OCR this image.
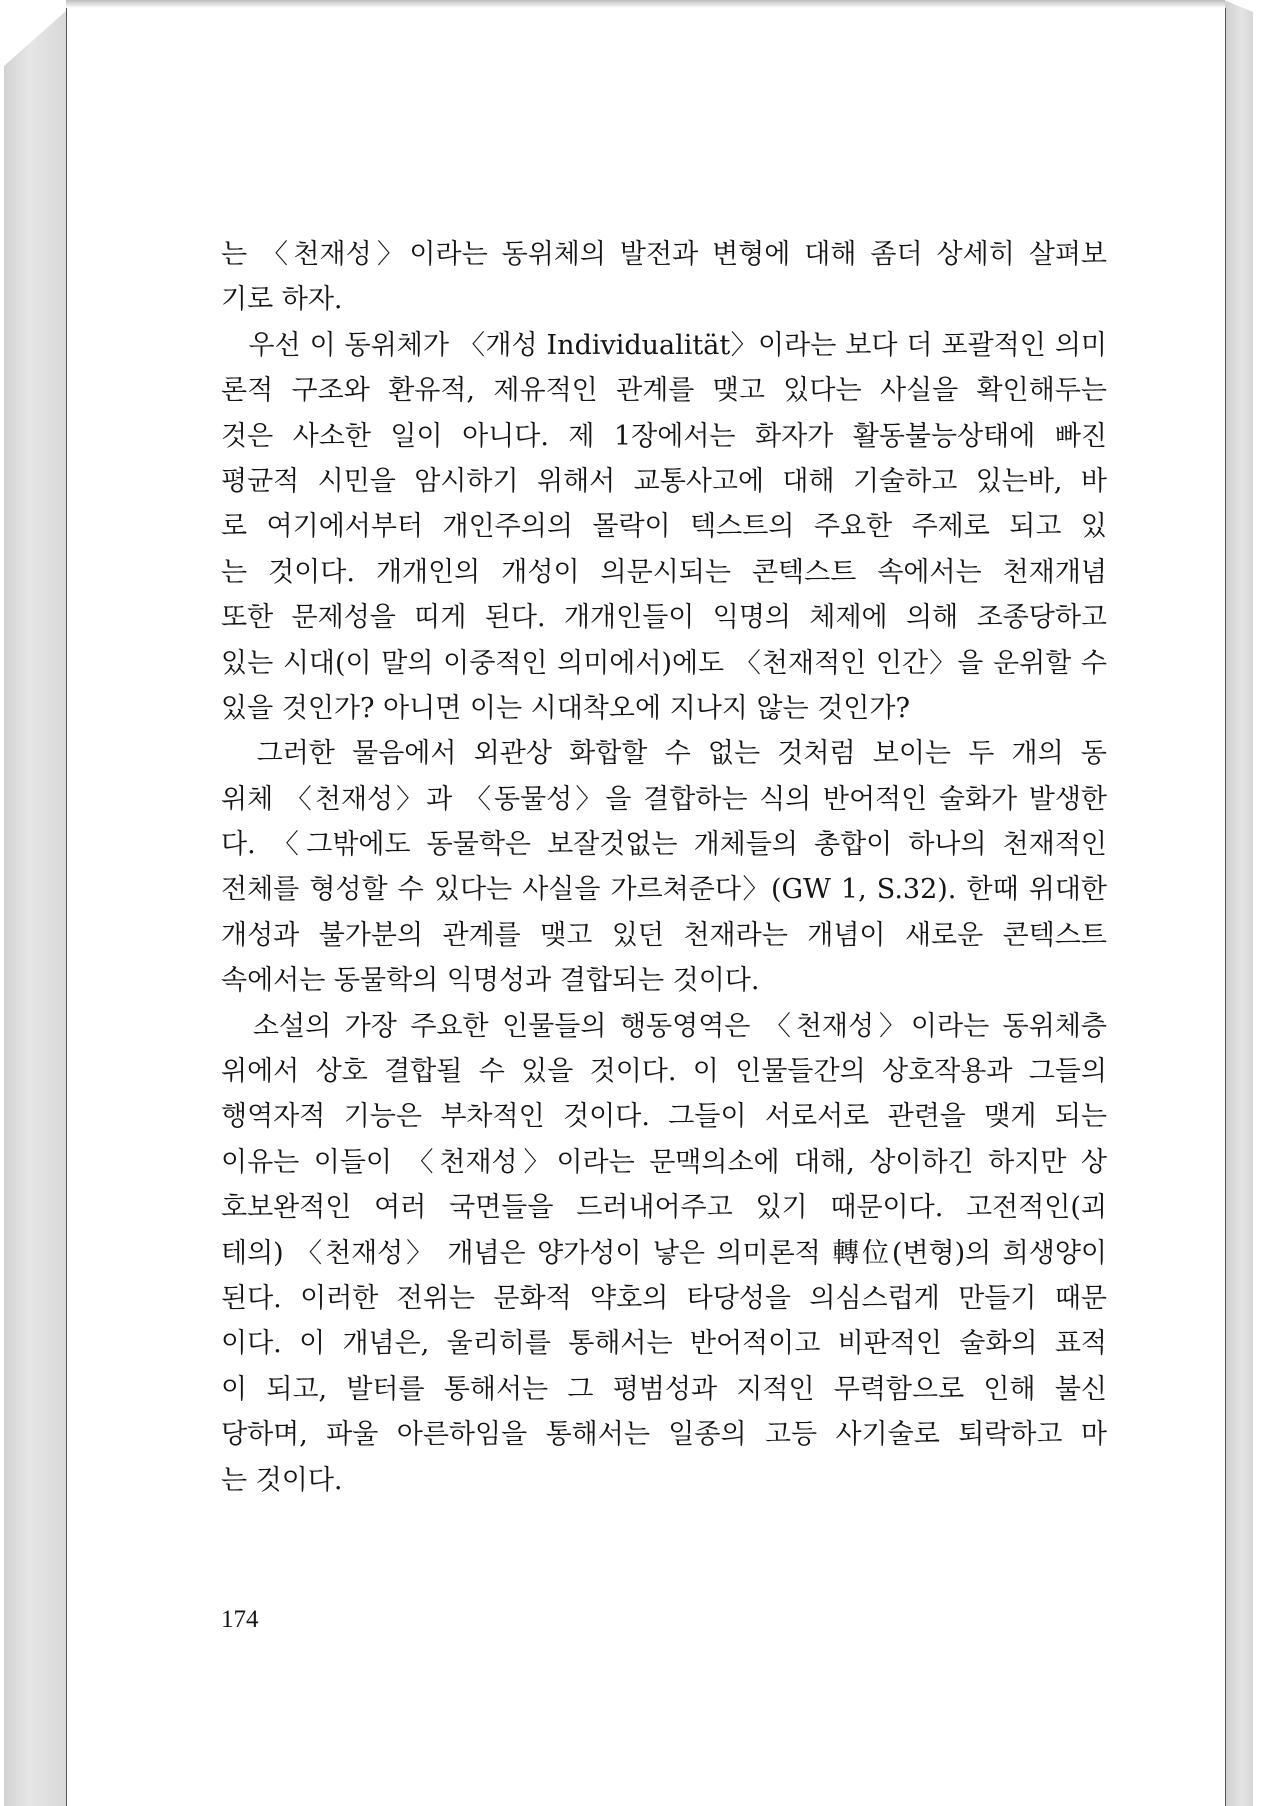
는 〈천재성〉이라는 동위체의 발전과 변형에 대해 좀더 상세히 살펴보
기로 하자.
　우선 이 동위체가 〈개성 Individualität〉이라는 보다 더 포괄적인 의미
론적 구조와 환유적, 제유적인 관계를 맺고 있다는 사실을 확인해두는
것은 사소한 일이 아니다. 제 1장에서는 화자가 활동불능상태에 빠진
평균적 시민을 암시하기 위해서 교통사고에 대해 기술하고 있는바, 바
로 여기에서부터 개인주의의 몰락이 텍스트의 주요한 주제로 되고 있
는 것이다. 개개인의 개성이 의문시되는 콘텍스트 속에서는 천재개념
또한 문제성을 띠게 된다. 개개인들이 익명의 체제에 의해 조종당하고
있는 시대(이 말의 이중적인 의미에서)에도 〈천재적인 인간〉을 운위할 수
있을 것인가? 아니면 이는 시대착오에 지나지 않는 것인가?
　그러한 물음에서 외관상 화합할 수 없는 것처럼 보이는 두 개의 동
위체 〈천재성〉과 〈동물성〉을 결합하는 식의 반어적인 술화가 발생한
다. 〈그밖에도 동물학은 보잘것없는 개체들의 총합이 하나의 천재적인
전체를 형성할 수 있다는 사실을 가르쳐준다〉(GW 1, S.32). 한때 위대한
개성과 불가분의 관계를 맺고 있던 천재라는 개념이 새로운 콘텍스트
속에서는 동물학의 익명성과 결합되는 것이다.
　소설의 가장 주요한 인물들의 행동영역은 〈천재성〉이라는 동위체층
위에서 상호 결합될 수 있을 것이다. 이 인물들간의 상호작용과 그들의
행역자적 기능은 부차적인 것이다. 그들이 서로서로 관련을 맺게 되는
이유는 이들이 〈천재성〉이라는 문맥의소에 대해, 상이하긴 하지만 상
호보완적인 여러 국면들을 드러내어주고 있기 때문이다. 고전적인(괴
테의) 〈천재성〉 개념은 양가성이 낳은 의미론적 轉位(변형)의 희생양이
된다. 이러한 전위는 문화적 약호의 타당성을 의심스럽게 만들기 때문
이다. 이 개념은, 울리히를 통해서는 반어적이고 비판적인 술화의 표적
이 되고, 발터를 통해서는 그 평범성과 지적인 무력함으로 인해 불신
당하며, 파울 아른하임을 통해서는 일종의 고등 사기술로 퇴락하고 마
는 것이다.
174
